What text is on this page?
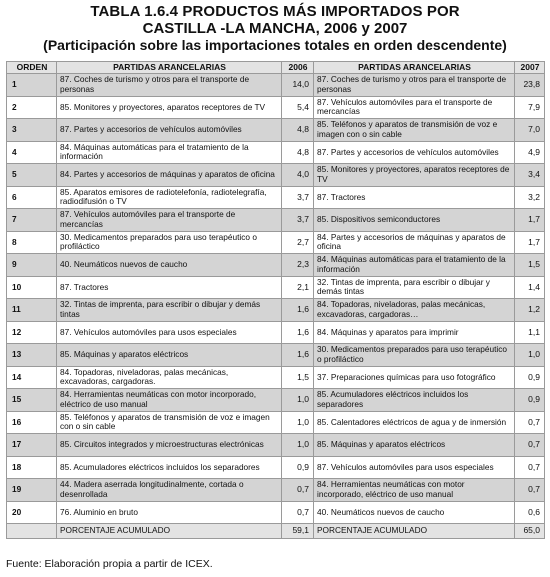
TABLA 1.6.4 PRODUCTOS MÁS IMPORTADOS POR
CASTILLA -LA MANCHA, 2006 y 2007
(Participación sobre las importaciones totales en orden descendente)
ORDEN	PARTIDAS ARANCELARIAS	2006	PARTIDAS ARANCELARIAS	2007
1	87. Coches de turismo y otros para el transporte de personas	14,0	87. Coches de turismo y otros para el transporte de personas	23,8
2	85. Monitores y proyectores, aparatos receptores de TV	5,4	87. Vehículos automóviles para el transporte de mercancías	7,9
3	87. Partes y accesorios de vehículos automóviles	4,8	85. Teléfonos y aparatos de transmisión de voz e imagen con o sin cable	7,0
4	84. Máquinas automáticas para el tratamiento de la información	4,8	87. Partes y accesorios de vehículos automóviles	4,9
5	84. Partes y accesorios de máquinas y aparatos de oficina	4,0	85. Monitores y proyectores, aparatos receptores de TV	3,4
6	85. Aparatos emisores de radiotelefonía, radiotelegrafía, radiodifusión o TV	3,7	87. Tractores	3,2
7	87. Vehículos automóviles para el transporte de mercancías	3,7	85. Dispositivos semiconductores	1,7
8	30. Medicamentos preparados para uso terapéutico o profiláctico	2,7	84. Partes y accesorios de máquinas y aparatos de oficina	1,7
9	40. Neumáticos nuevos de caucho	2,3	84. Máquinas automáticas para el tratamiento de la información	1,5
10	87. Tractores	2,1	32. Tintas de imprenta, para escribir o dibujar y demás tintas	1,4
11	32. Tintas de imprenta, para escribir o dibujar y demás tintas	1,6	84. Topadoras, niveladoras, palas mecánicas, excavadoras, cargadoras…	1,2
12	87. Vehículos automóviles para usos especiales	1,6	84. Máquinas y aparatos para imprimir	1,1
13	85. Máquinas y aparatos eléctricos	1,6	30. Medicamentos preparados para uso terapéutico o profiláctico	1,0
14	84. Topadoras, niveladoras, palas mecánicas, excavadoras, cargadoras.	1,5	37. Preparaciones químicas para uso fotográfico	0,9
15	84. Herramientas neumáticas con motor incorporado, eléctrico de uso manual	1,0	85. Acumuladores eléctricos incluidos los separadores	0,9
16	85. Teléfonos y aparatos de transmisión de voz e imagen con o sin cable	1,0	85. Calentadores eléctricos de agua y de inmersión	0,7
17	85. Circuitos integrados y microestructuras electrónicas	1,0	85. Máquinas y aparatos eléctricos	0,7
18	85. Acumuladores eléctricos incluidos los separadores	0,9	87. Vehículos automóviles para usos especiales	0,7
19	44. Madera aserrada longitudinalmente, cortada o desenrollada	0,7	84. Herramientas neumáticas con motor incorporado, eléctrico de uso manual	0,7
20	76. Aluminio en bruto	0,7	40. Neumáticos nuevos de caucho	0,6
	PORCENTAJE ACUMULADO	59,1	PORCENTAJE ACUMULADO	65,0
Fuente: Elaboración propia a partir de ICEX.
